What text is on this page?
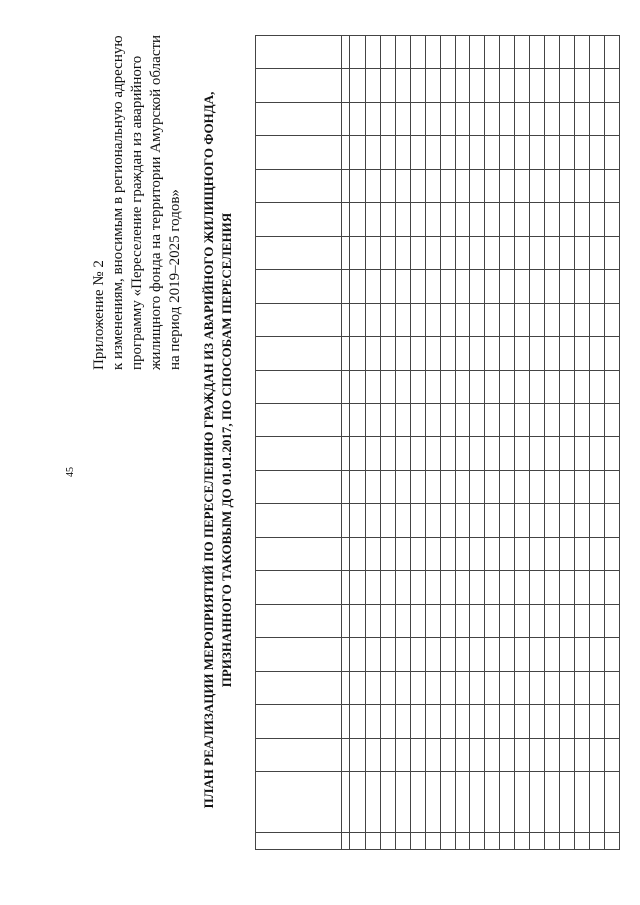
45
Приложение № 2 к изменениям, вносимым в региональную адресную программу «Переселение граждан из аварийного жилищного фонда на территории Амурской области на период 2019–2025 годов» ПЛАН РЕАЛИЗАЦИИ МЕРОПРИЯТИЙ ПО ПЕРЕСЕЛЕНИЮ ГРАЖДАН ИЗ АВАРИЙНОГО ЖИЛИЩНОГО ФОНДА, ПРИЗНАННОГО ТАКОВЫМ ДО 01.01.2017, ПО СПОСОБАМ ПЕРЕСЕЛЕНИЯ
